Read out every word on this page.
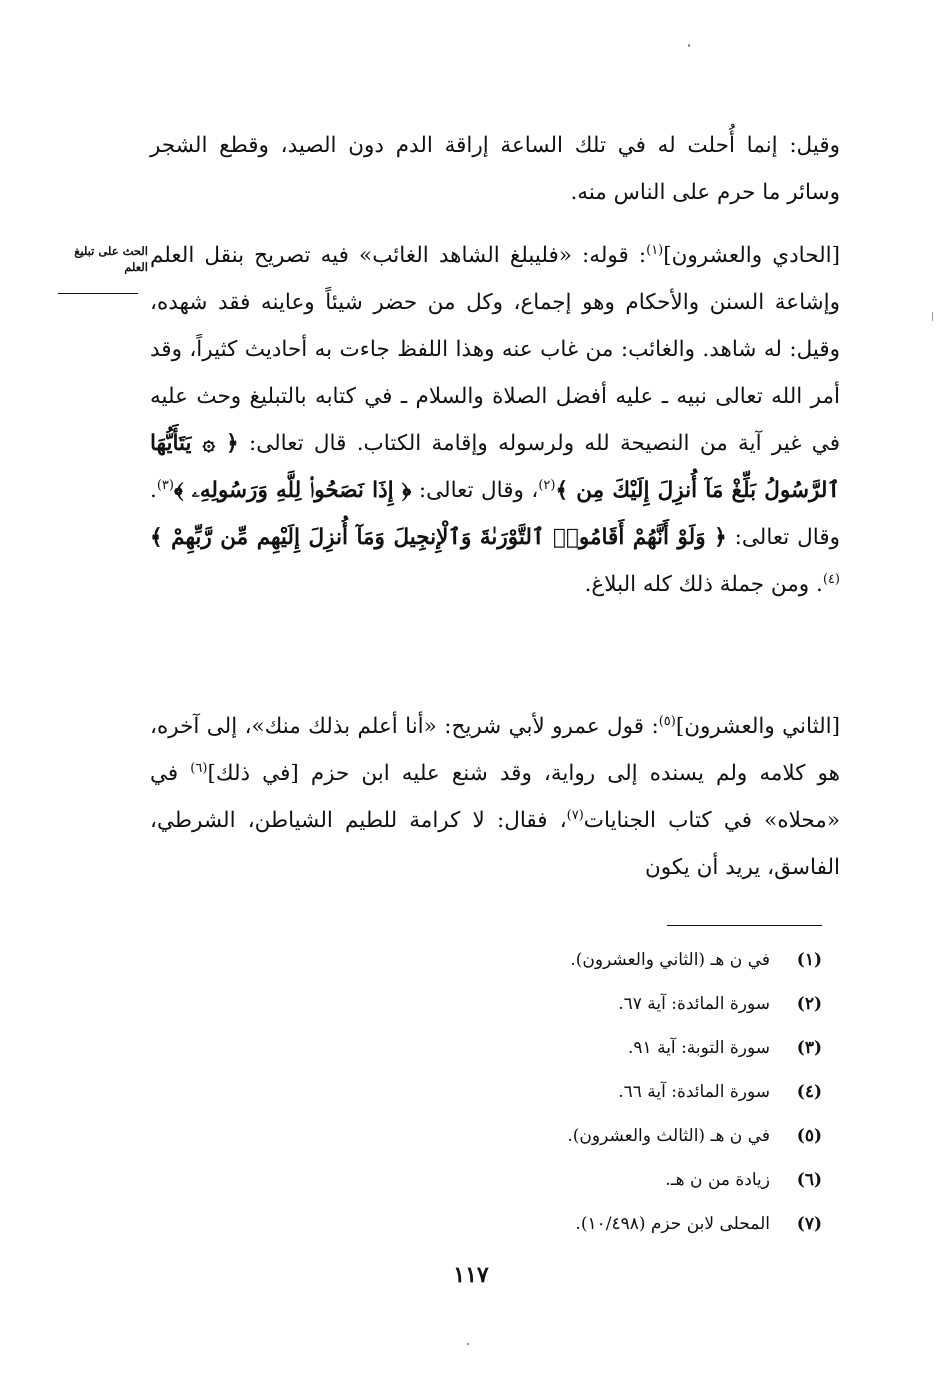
وقيل: إنما أُحلت له في تلك الساعة إراقة الدم دون الصيد، وقطع الشجر وسائر ما حرم على الناس منه.

الحث على تبليغ العلم	[الحادي والعشرون]$^{(١)}$: قوله: «فليبلغ الشاهد الغائب» فيه تصريح بنقل العلم وإشاعة السنن والأحكام وهو إجماع، وكل من حضر شيئاً وعاينه فقد شهده، وقيل: له شاهد. والغائب: من غاب عنه وهذا اللفظ جاءت به أحاديث كثيراً، وقد أمر الله تعالى نبيه ـ عليه أفضل الصلاة والسلام ـ في كتابه بالتبليغ وحث عليه في غير آية من النصيحة لله ولرسوله وإقامة الكتاب. قال تعالى: ﴿ ۞ يَتَأَيُّهَا ٱلرَّسُولُ بَلِّغْ مَآ أُنزِلَ إِلَيْكَ مِن ﴾$^{(٢)}$، وقال تعالى: ﴿ إِذَا نَصَحُوا۟ لِلَّهِ وَرَسُولِهِۦ ﴾$^{(٣)}$. وقال تعالى: ﴿ وَلَوْ أَنَّهُمْ أَقَامُوا۟ ٱلتَّوْرَىٰةَ وَٱلْإِنجِيلَ وَمَآ أُنزِلَ إِلَيْهِم مِّن رَّبِّهِمْ ﴾$^{(٤)}$. ومن جملة ذلك كله البلاغ.

[الثاني والعشرون]$^{(٥)}$: قول عمرو لأبي شريح: «أنا أعلم بذلك منك»، إلى آخره، هو كلامه ولم يسنده إلى رواية، وقد شنع عليه ابن حزم [في ذلك]$^{(٦)}$ في «محلاه» في كتاب الجنايات$^{(٧)}$، فقال: لا كرامة للطيم الشياطن، الشرطي، الفاسق، يريد أن يكون

(١)
في ن هـ (الثاني والعشرون).
(٢)
سورة المائدة: آية ٦٧.
(٣)
سورة التوبة: آية ٩١.
(٤)
سورة المائدة: آية ٦٦.
(٥)
في ن هـ (الثالث والعشرون).
(٦)
زيادة من ن هـ.
(٧)
المحلى لابن حزم (١٠/٤٩٨).
١١٧
